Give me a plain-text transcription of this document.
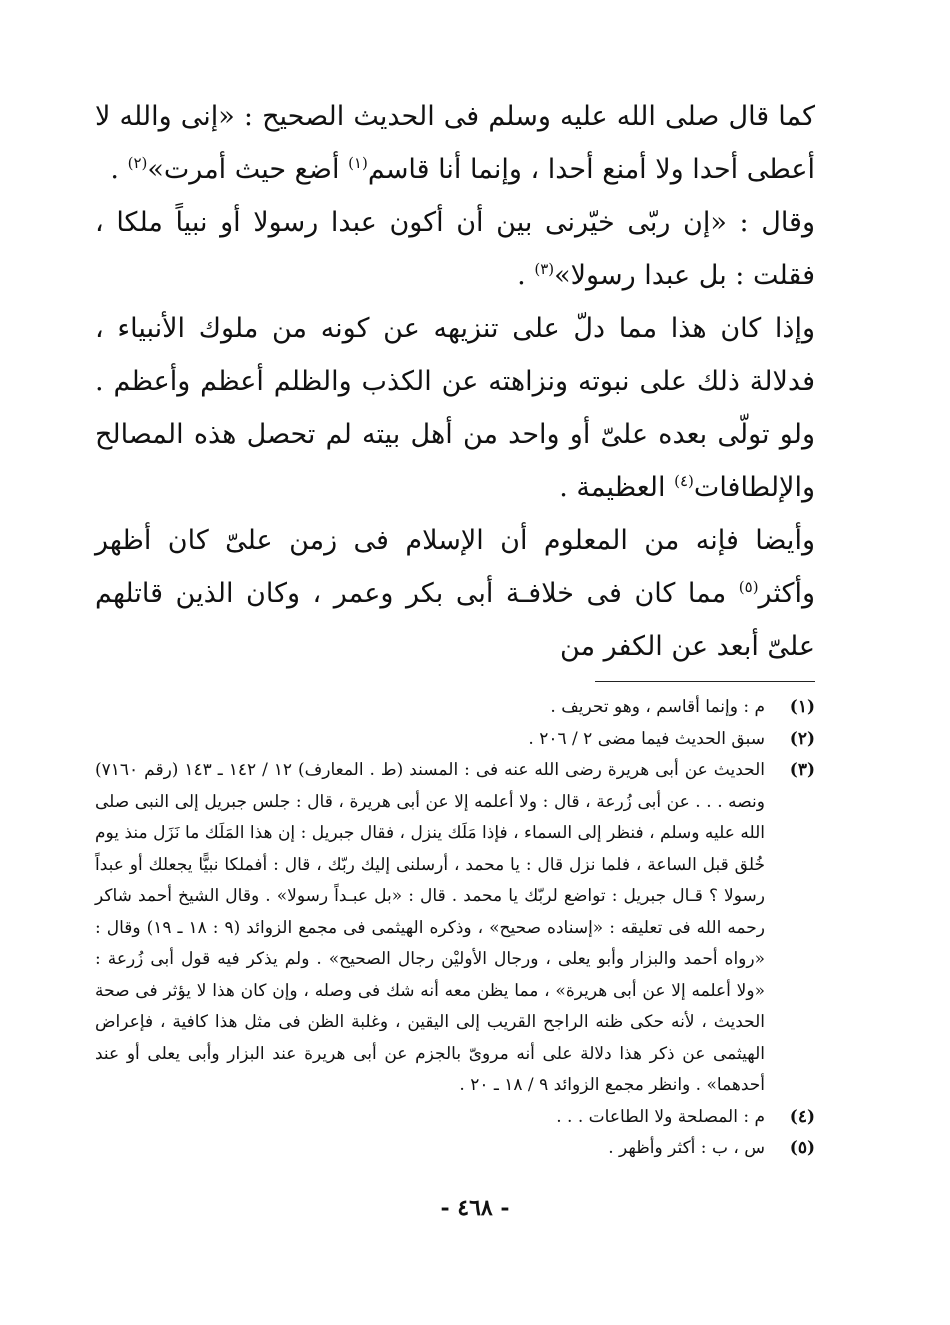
كما قال صلى الله عليه وسلم فى الحديث الصحيح : «إنى والله لا أعطى أحدا ولا أمنع أحدا ، وإنما أنا قاسم$^{(١)}$ أضع حيث أمرت»$^{(٢)}$ .

وقال : «إن ربّى خيّرنى بين أن أكون عبدا رسولا أو نبياً ملكا ، فقلت : بل عبدا رسولا»$^{(٣)}$ .

وإذا كان هذا مما دلّ على تنزيهه عن كونه من ملوك الأنبياء ، فدلالة ذلك على نبوته ونزاهته عن الكذب والظلم أعظم وأعظم . ولو تولّى بعده علىّ أو واحد من أهل بيته لم تحصل هذه المصالح والإلطافات$^{(٤)}$ العظيمة .

وأيضا فإنه من المعلوم أن الإسلام فى زمن علىّ كان أظهر وأكثر$^{(٥)}$ مما كان فى خلافـة أبى بكر وعمر ، وكان الذين قاتلهم علىّ أبعد عن الكفر من

(١)
م : وإنما أقاسم ، وهو تحريف .
(٢)
سبق الحديث فيما مضى ٢ / ٢٠٦ .
(٣)
الحديث عن أبى هريرة رضى الله عنه فى : المسند (ط . المعارف) ١٢ / ١٤٢ ـ ١٤٣ (رقم ٧١٦٠) ونصه . . . عن أبى زُرعة ، قال : ولا أعلمه إلا عن أبى هريرة ، قال : جلس جبريل إلى النبى صلى الله عليه وسلم ، فنظر إلى السماء ، فإذا مَلَك ينزل ، فقال جبريل : إن هذا المَلَك ما نَزَل منذ يوم خُلق قبل الساعة ، فلما نزل قال : يا محمد ، أرسلنى إليك ربّك ، قال : أفملكا نبيًّا يجعلك أو عبداً رسولا ؟ قـال جبريل : تواضع لربّك يا محمد . قال : «بل عبـداً رسولا» . وقال الشيخ أحمد شاكر رحمه الله فى تعليقه : «إسناده صحيح» ، وذكره الهيثمى فى مجمع الزوائد (٩ : ١٨ ـ ١٩) وقال : «رواه أحمد والبزار وأبو يعلى ، ورجال الأوليْن رجال الصحيح» . ولم يذكر فيه قول أبى زُرعة : «ولا أعلمه إلا عن أبى هريرة» ، مما يظن معه أنه شك فى وصله ، وإن كان هذا لا يؤثر فى صحة الحديث ، لأنه حكى ظنه الراجح القريب إلى اليقين ، وغلبة الظن فى مثل هذا كافية ، فإعراض الهيثمى عن ذكر هذا دلالة على أنه مروىّ بالجزم عن أبى هريرة عند البزار وأبى يعلى أو عند أحدهما» . وانظر مجمع الزوائد ٩ / ١٨ ـ ٢٠ .
(٤)
م : المصلحة ولا الطاعات . . .
(٥)
س ، ب : أكثر وأظهر .
- ٤٦٨ -
